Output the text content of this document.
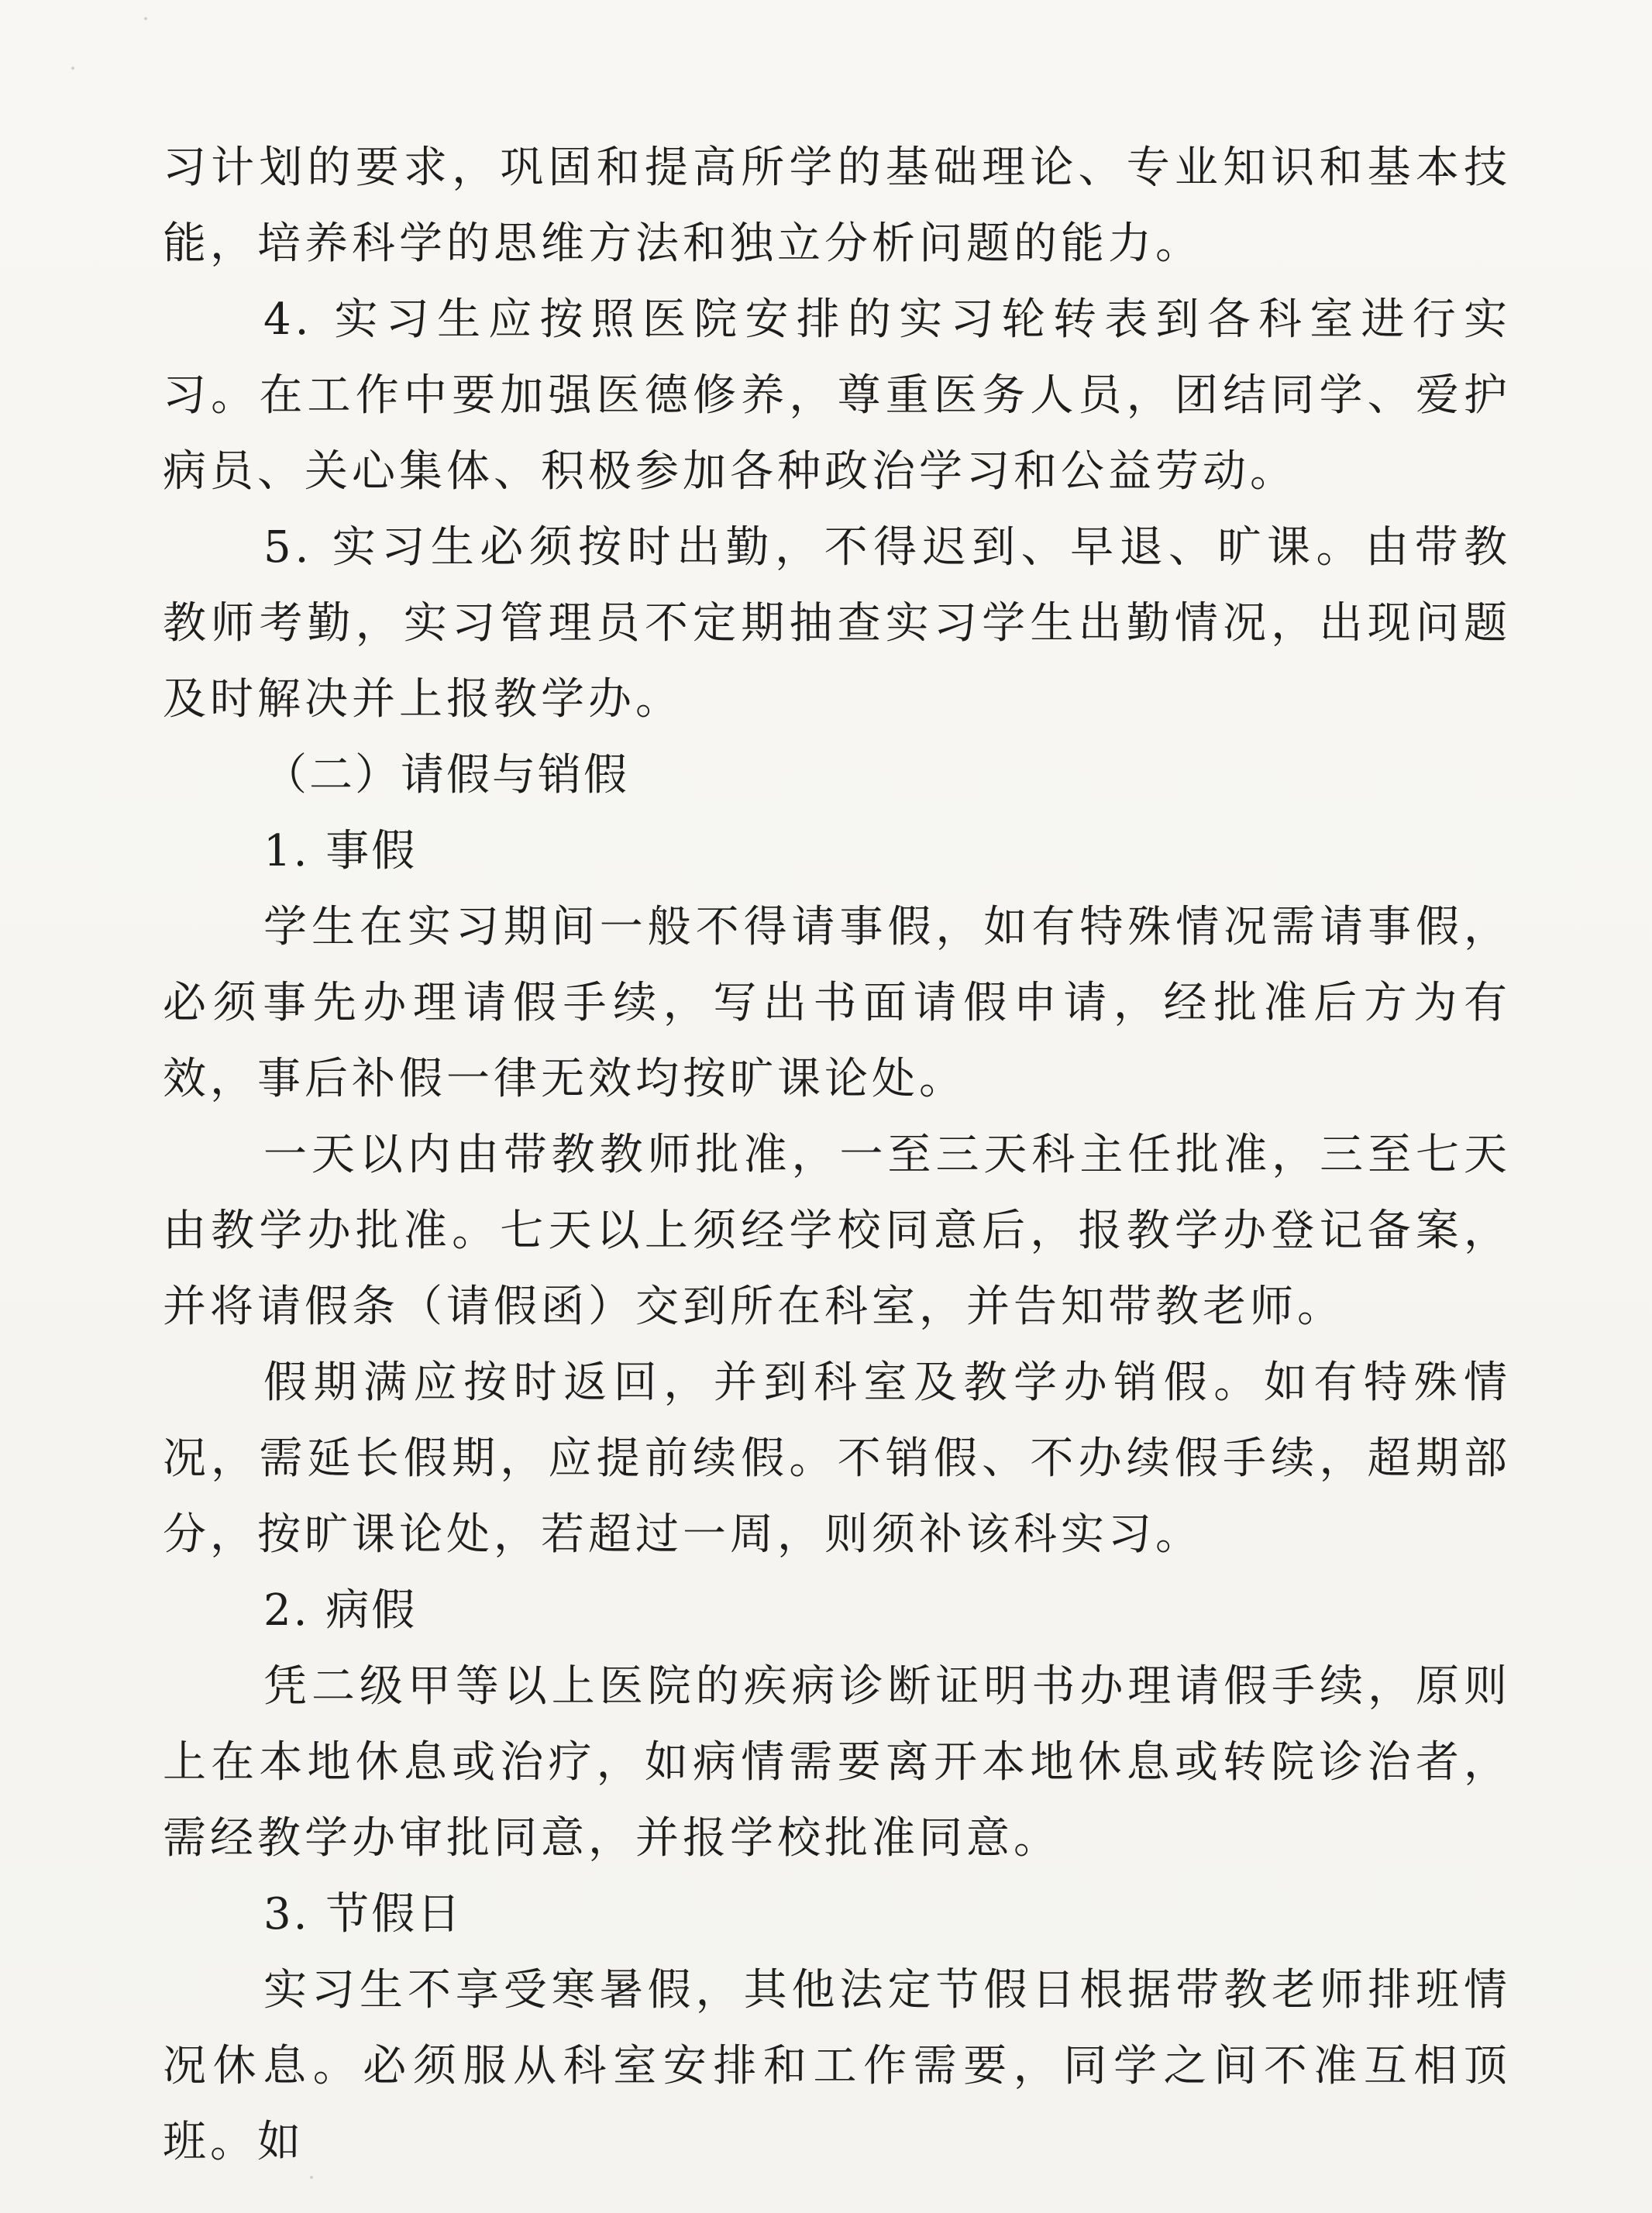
习计划的要求，巩固和提高所学的基础理论、专业知识和基本技能，培养科学的思维方法和独立分析问题的能力。

4. 实习生应按照医院安排的实习轮转表到各科室进行实习。在工作中要加强医德修养，尊重医务人员，团结同学、爱护病员、关心集体、积极参加各种政治学习和公益劳动。

5. 实习生必须按时出勤，不得迟到、早退、旷课。由带教教师考勤，实习管理员不定期抽查实习学生出勤情况，出现问题及时解决并上报教学办。

（二）请假与销假

1. 事假

学生在实习期间一般不得请事假，如有特殊情况需请事假，必须事先办理请假手续，写出书面请假申请，经批准后方为有效，事后补假一律无效均按旷课论处。

一天以内由带教教师批准，一至三天科主任批准，三至七天由教学办批准。七天以上须经学校同意后，报教学办登记备案，并将请假条（请假函）交到所在科室，并告知带教老师。

假期满应按时返回，并到科室及教学办销假。如有特殊情况，需延长假期，应提前续假。不销假、不办续假手续，超期部分，按旷课论处，若超过一周，则须补该科实习。

2. 病假

凭二级甲等以上医院的疾病诊断证明书办理请假手续，原则上在本地休息或治疗，如病情需要离开本地休息或转院诊治者，需经教学办审批同意，并报学校批准同意。

3. 节假日

实习生不享受寒暑假，其他法定节假日根据带教老师排班情况休息。必须服从科室安排和工作需要，同学之间不准互相顶班。如
